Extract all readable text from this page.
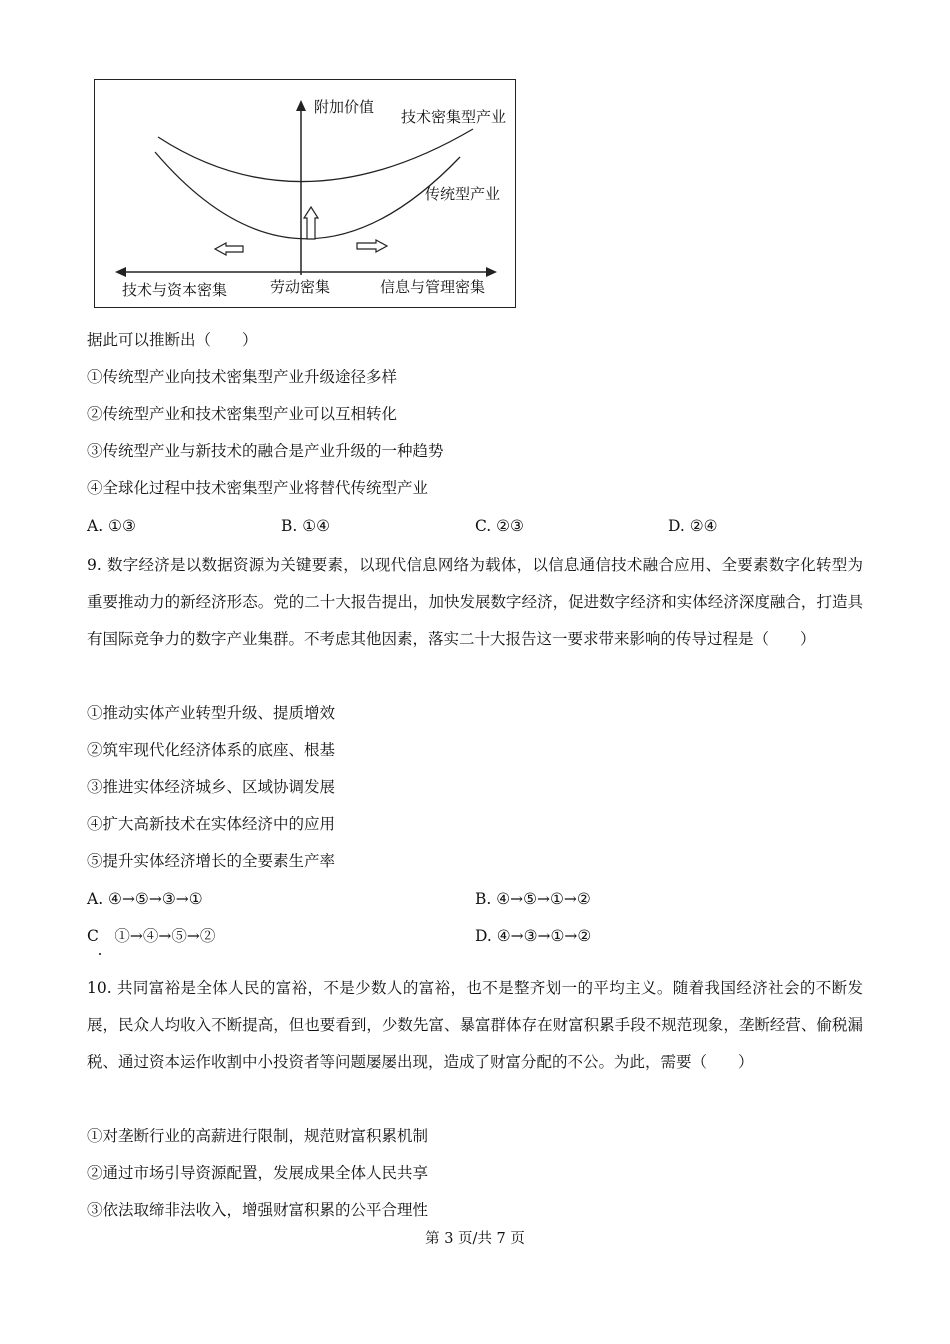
附加价值
技术密集型产业
传统型产业
技术与资本密集	劳动密集	信息与管理密集
据此可以推断出（　　）
①传统型产业向技术密集型产业升级途径多样
②传统型产业和技术密集型产业可以互相转化
③传统型产业与新技术的融合是产业升级的一种趋势
④全球化过程中技术密集型产业将替代传统型产业
A. ①③	B. ①④	C. ②③	D. ②④
9. 数字经济是以数据资源为关键要素，以现代信息网络为载体，以信息通信技术融合应用、全要素数字化转型为重要推动力的新经济形态。党的二十大报告提出，加快发展数字经济，促进数字经济和实体经济深度融合，打造具有国际竞争力的数字产业集群。不考虑其他因素，落实二十大报告这一要求带来影响的传导过程是（　　）
①推动实体产业转型升级、提质增效
②筑牢现代化经济体系的底座、根基
③推进实体经济城乡、区域协调发展
④扩大高新技术在实体经济中的应用
⑤提升实体经济增长的全要素生产率
A. ④→⑤→③→①	B. ④→⑤→①→②
C　①→④→⑤→②	D. ④→③→①→②
10. 共同富裕是全体人民的富裕，不是少数人的富裕，也不是整齐划一的平均主义。随着我国经济社会的不断发展，民众人均收入不断提高，但也要看到，少数先富、暴富群体存在财富积累手段不规范现象，垄断经营、偷税漏税、通过资本运作收割中小投资者等问题屡屡出现，造成了财富分配的不公。为此，需要（　　）
①对垄断行业的高薪进行限制，规范财富积累机制
②通过市场引导资源配置，发展成果全体人民共享
③依法取缔非法收入，增强财富积累的公平合理性
第 3 页/共 7 页
